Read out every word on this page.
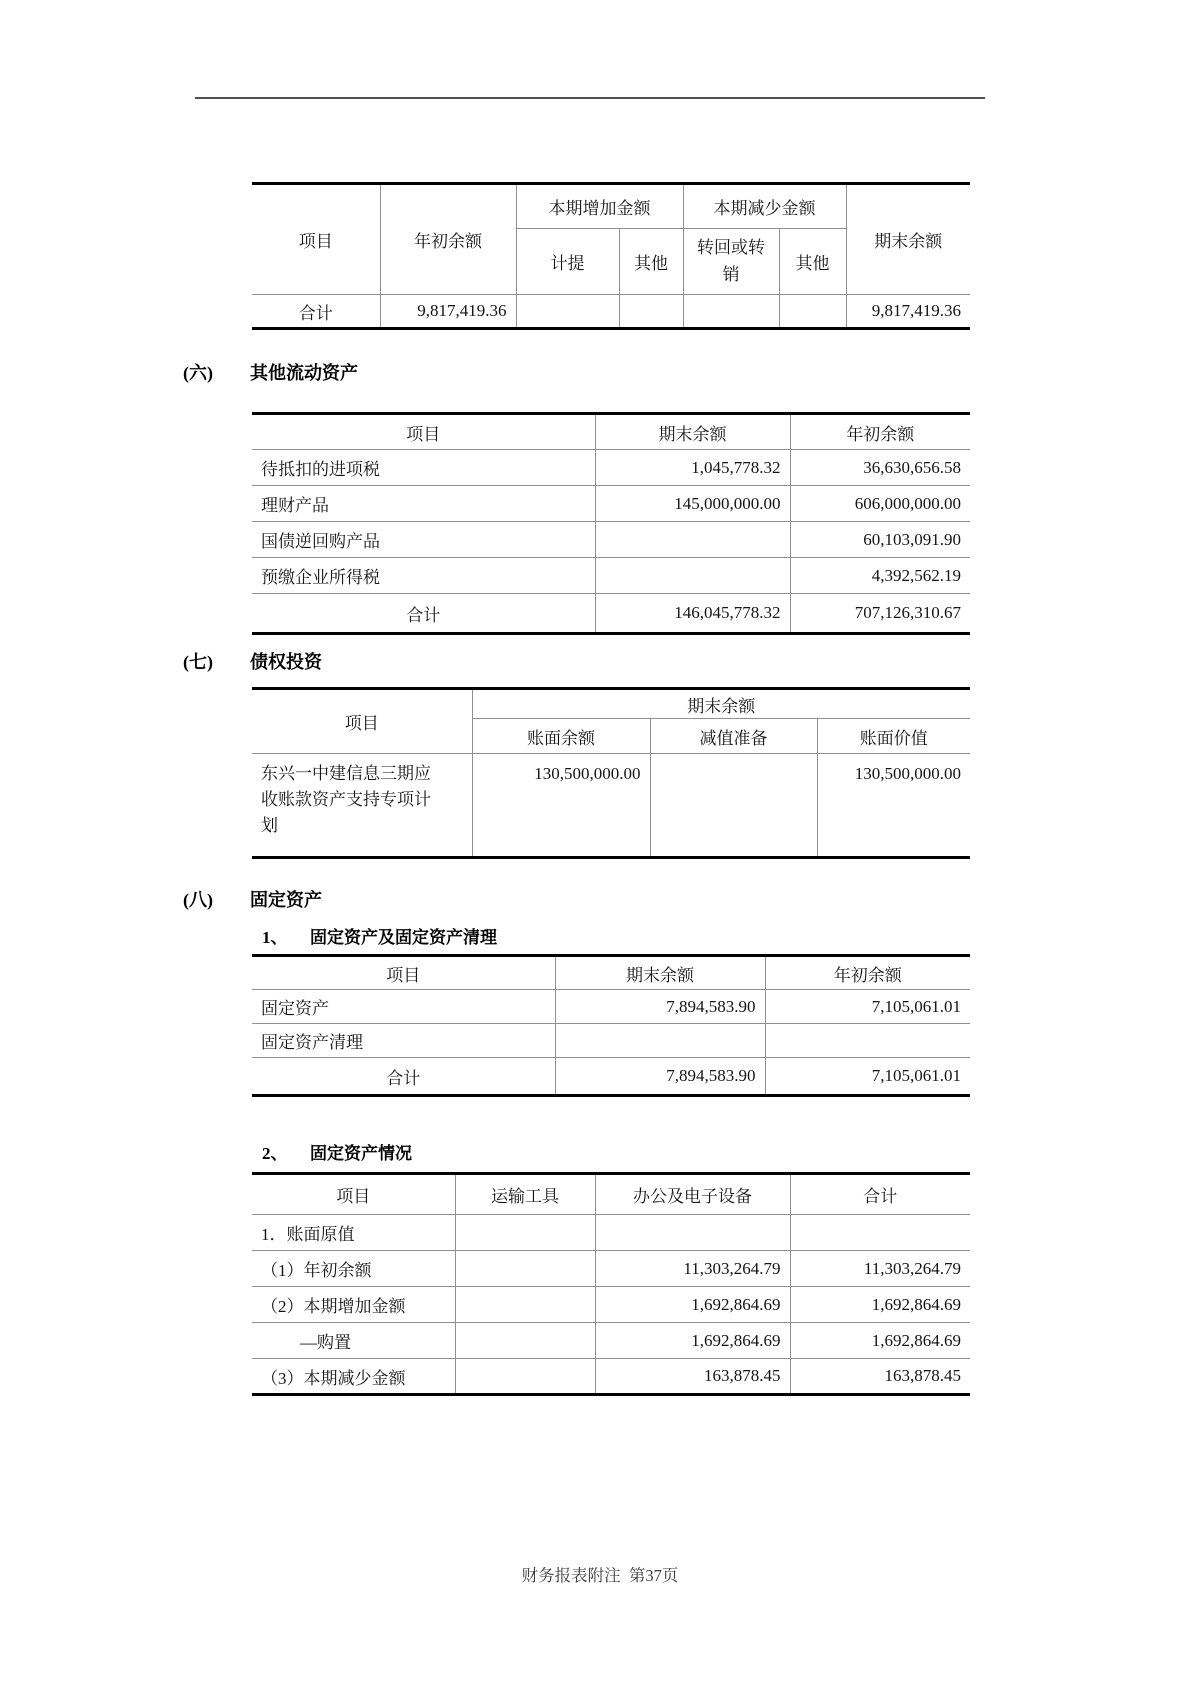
项目	年初余额	本期增加金额		本期减少金额		期末余额
		计提	其他	转回或转销	其他	
合计	9,817,419.36					9,817,419.36
(六)	其他流动资产
项目	期末余额	年初余额
待抵扣的进项税	1,045,778.32	36,630,656.58
理财产品	145,000,000.00	606,000,000.00
国债逆回购产品		60,103,091.90
预缴企业所得税		4,392,562.19
合计	146,045,778.32	707,126,310.67
(七)	债权投资
项目	期末余额		
	账面余额	减值准备	账面价值
东兴一中建信息三期应收账款资产支持专项计划	130,500,000.00		130,500,000.00
(八)	固定资产
1、	固定资产及固定资产清理
项目	期末余额	年初余额
固定资产	7,894,583.90	7,105,061.01
固定资产清理		
合计	7,894,583.90	7,105,061.01
2、	固定资产情况
项目	运输工具	办公及电子设备	合计
1．账面原值			
（1）年初余额		11,303,264.79	11,303,264.79
（2）本期增加金额		1,692,864.69	1,692,864.69
—购置		1,692,864.69	1,692,864.69
（3）本期减少金额		163,878.45	163,878.45
财务报表附注  第37页
